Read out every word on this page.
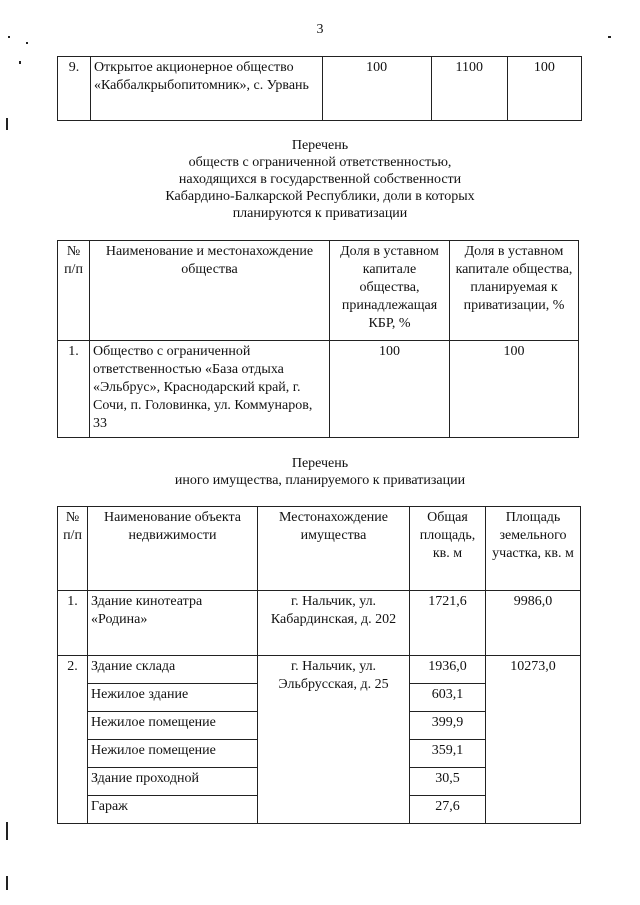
3
9.	Открытое акционерное общество «Каббалкрыбопитомник», с. Урвань	100	1100	100
Перечень
обществ с ограниченной ответственностью,
находящихся в государственной собственности
Кабардино-Балкарской Республики, доли в которых
планируются к приватизации
№ п/п	Наименование и местонахождение общества	Доля в уставном капитале общества, принадлежащая КБР, %	Доля в уставном капитале общества, планируемая к приватизации, %
1.	Общество с ограниченной ответственностью «База отдыха «Эльбрус», Краснодарский край, г. Сочи, п. Головинка, ул. Коммунаров, 33	100	100
Перечень
иного имущества, планируемого к приватизации
№ п/п	Наименование объекта недвижимости	Местонахождение имущества	Общая площадь, кв. м	Площадь земельного участка, кв. м
1.	Здание кинотеатра «Родина»	г. Нальчик, ул. Кабардинская, д. 202	1721,6	9986,0
2.	Здание склада	г. Нальчик, ул. Эльбрусская, д. 25	1936,0	10273,0
	Нежилое здание		603,1	
	Нежилое помещение		399,9	
	Нежилое помещение		359,1	
	Здание проходной		30,5	
	Гараж		27,6	
